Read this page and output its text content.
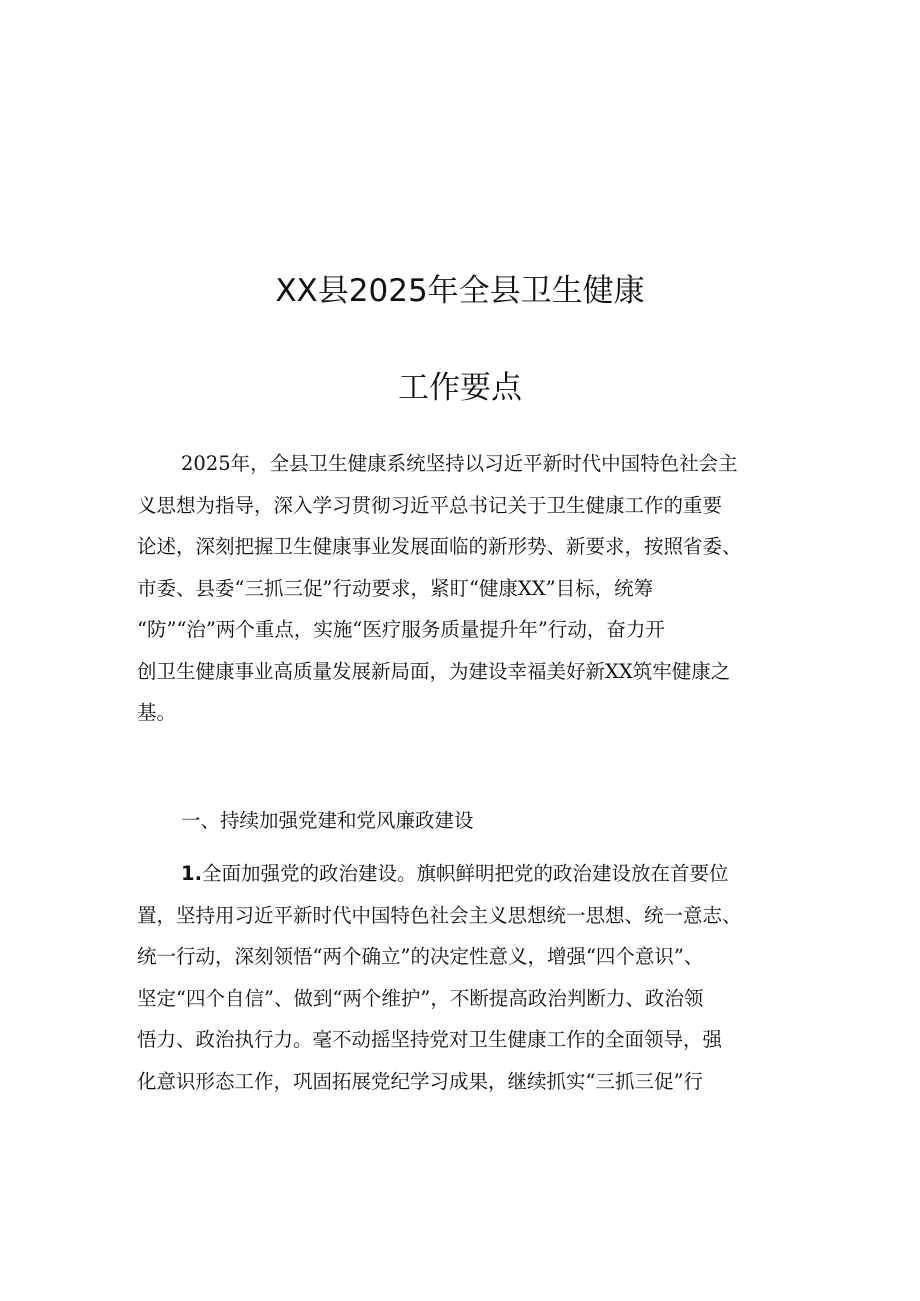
XX县2025年全县卫生健康
工作要点
2025年，全县卫生健康系统坚持以习近平新时代中国特色社会主
义思想为指导，深入学习贯彻习近平总书记关于卫生健康工作的重要
论述，深刻把握卫生健康事业发展面临的新形势、新要求，按照省委、
市委、县委“三抓三促”行动要求，紧盯“健康XX”目标，统筹
“防”“治”两个重点，实施“医疗服务质量提升年”行动，奋力开
创卫生健康事业高质量发展新局面，为建设幸福美好新XX筑牢健康之
基。
一、持续加强党建和党风廉政建设
1.全面加强党的政治建设。旗帜鲜明把党的政治建设放在首要位
置，坚持用习近平新时代中国特色社会主义思想统一思想、统一意志、
统一行动，深刻领悟“两个确立”的决定性意义，增强“四个意识”、
坚定“四个自信”、做到“两个维护”，不断提高政治判断力、政治领
悟力、政治执行力。毫不动摇坚持党对卫生健康工作的全面领导，强
化意识形态工作，巩固拓展党纪学习成果，继续抓实“三抓三促”行
